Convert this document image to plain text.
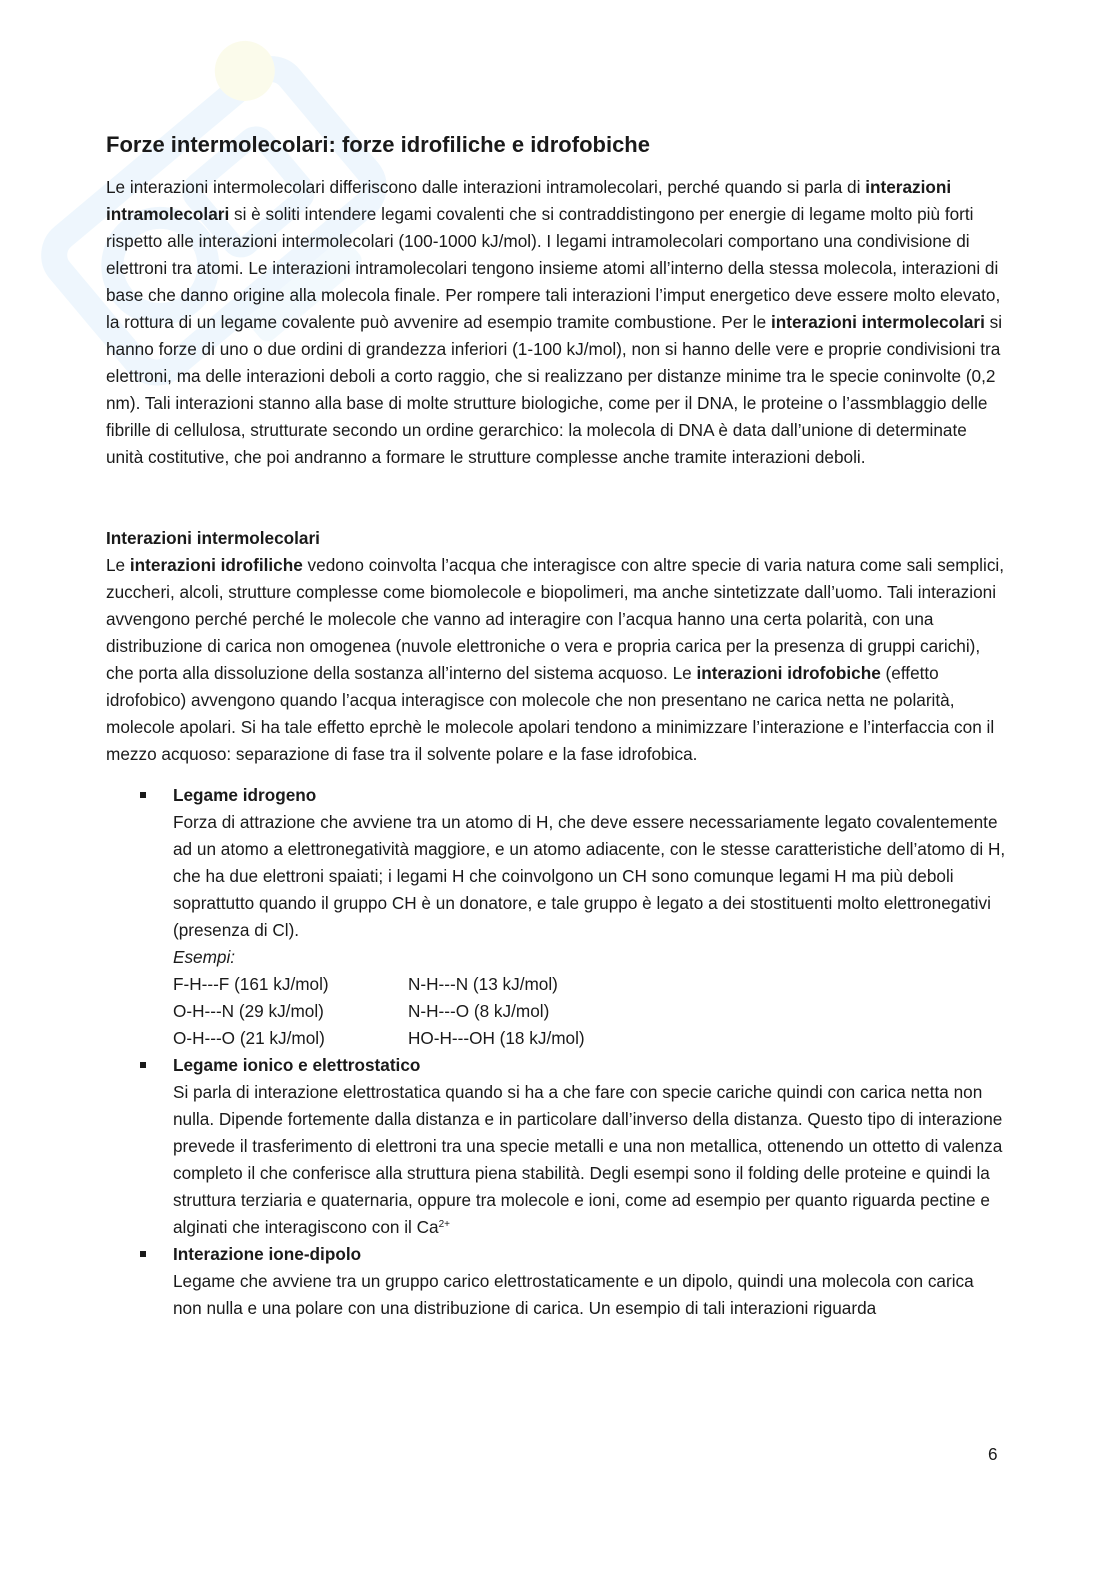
Forze intermolecolari: forze idrofiliche e idrofobiche

Le interazioni intermolecolari differiscono dalle interazioni intramolecolari, perché quando si parla di interazioni intramolecolari si è soliti intendere legami covalenti che si contraddistingono per energie di legame molto più forti rispetto alle interazioni intermolecolari (100-1000 kJ/mol). I legami intramolecolari comportano una condivisione di elettroni tra atomi. Le interazioni intramolecolari tengono insieme atomi all’interno della stessa molecola, interazioni di base che danno origine alla molecola finale. Per rompere tali interazioni l’imput energetico deve essere molto elevato, la rottura di un legame covalente può avvenire ad esempio tramite combustione. Per le interazioni intermolecolari si hanno forze di uno o due ordini di grandezza inferiori (1-100 kJ/mol), non si hanno delle vere e proprie condivisioni tra elettroni, ma delle interazioni deboli a corto raggio, che si realizzano per distanze minime tra le specie coninvolte (0,2 nm). Tali interazioni stanno alla base di molte strutture biologiche, come per il DNA, le proteine o l’assmblaggio delle fibrille di cellulosa, strutturate secondo un ordine gerarchico: la molecola di DNA è data dall’unione di determinate unità costitutive, che poi andranno a formare le strutture complesse anche tramite interazioni deboli.

Interazioni intermolecolari

Le interazioni idrofiliche vedono coinvolta l’acqua che interagisce con altre specie di varia natura come sali semplici, zuccheri, alcoli, strutture complesse come biomolecole e biopolimeri, ma anche sintetizzate dall’uomo. Tali interazioni avvengono perché perché le molecole che vanno ad interagire con l’acqua hanno una certa polarità, con una distribuzione di carica non omogenea (nuvole elettroniche o vera e propria carica per la presenza di gruppi carichi), che porta alla dissoluzione della sostanza all’interno del sistema acquoso. Le interazioni idrofobiche (effetto idrofobico) avvengono quando l’acqua interagisce con molecole che non presentano ne carica netta ne polarità, molecole apolari. Si ha tale effetto eprchè le molecole apolari tendono a minimizzare l’interazione e l’interfaccia con il mezzo acquoso: separazione di fase tra il solvente polare e la fase idrofobica.

Legame idrogeno
Forza di attrazione che avviene tra un atomo di H, che deve essere necessariamente legato covalentemente ad un atomo a elettronegatività maggiore, e un atomo adiacente, con le stesse caratteristiche dell’atomo di H, che ha due elettroni spaiati; i legami H che coinvolgono un CH sono comunque legami H ma più deboli soprattutto quando il gruppo CH è un donatore, e tale gruppo è legato a dei stostituenti molto elettronegativi (presenza di Cl).
Esempi:
F-H---F (161 kJ/mol)	N-H---N (13 kJ/mol)
O-H---N (29 kJ/mol)	N-H---O (8 kJ/mol)
O-H---O (21 kJ/mol)	HO-H---OH (18 kJ/mol)
Legame ionico e elettrostatico
Si parla di interazione elettrostatica quando si ha a che fare con specie cariche quindi con carica netta non nulla. Dipende fortemente dalla distanza e in particolare dall’inverso della distanza. Questo tipo di interazione prevede il trasferimento di elettroni tra una specie metalli e una non metallica, ottenendo un ottetto di valenza completo il che conferisce alla struttura piena stabilità. Degli esempi sono il folding delle proteine e quindi la struttura terziaria e quaternaria, oppure tra molecole e ioni, come ad esempio per quanto riguarda pectine e alginati che interagiscono con il $Ca^{2+}$
Interazione ione-dipolo
Legame che avviene tra un gruppo carico elettrostaticamente e un dipolo, quindi una molecola con carica non nulla e una polare con una distribuzione di carica. Un esempio di tali interazioni riguarda
6
